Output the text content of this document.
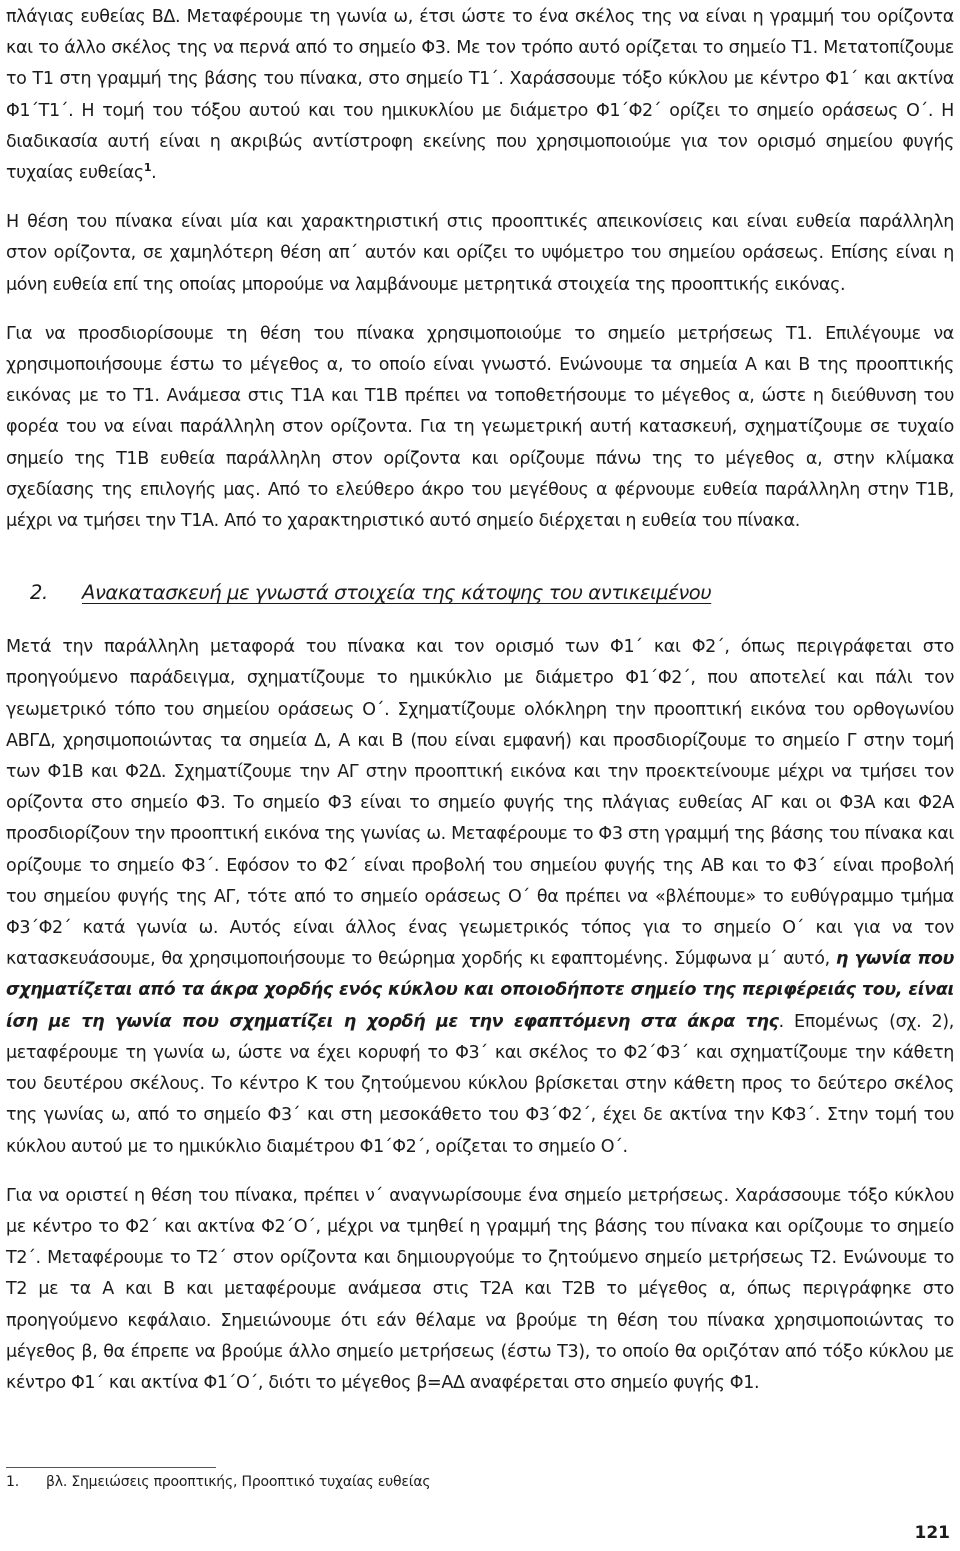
πλάγιας ευθείας ΒΔ. Μεταφέρουμε τη γωνία ω, έτσι ώστε το ένα σκέλος της να είναι η γραμμή του ορίζοντα και το άλλο σκέλος της να περνά από το σημείο Φ3. Με τον τρόπο αυτό ορίζεται το σημείο Τ1. Μετατοπίζουμε το Τ1 στη γραμμή της βάσης του πίνακα, στο σημείο Τ1΄. Χαράσσουμε τόξο κύκλου με κέντρο Φ1΄ και ακτίνα Φ1΄Τ1΄. Η τομή του τόξου αυτού και του ημικυκλίου με διάμετρο Φ1΄Φ2΄ ορίζει το σημείο οράσεως Ο΄. Η διαδικασία αυτή είναι η ακριβώς αντίστροφη εκείνης που χρησιμοποιούμε για τον ορισμό σημείου φυγής τυχαίας ευθείας$^1$.

Η θέση του πίνακα είναι μία και χαρακτηριστική στις προοπτικές απεικονίσεις και είναι ευθεία παράλληλη στον ορίζοντα, σε χαμηλότερη θέση απ΄ αυτόν και ορίζει το υψόμετρο του σημείου οράσεως. Επίσης είναι η μόνη ευθεία επί της οποίας μπορούμε να λαμβάνουμε μετρητικά στοιχεία της προοπτικής εικόνας.

Για να προσδιορίσουμε τη θέση του πίνακα χρησιμοποιούμε το σημείο μετρήσεως Τ1. Επιλέγουμε να χρησιμοποιήσουμε έστω το μέγεθος α, το οποίο είναι γνωστό. Ενώνουμε τα σημεία Α και Β της προοπτικής εικόνας με το Τ1. Ανάμεσα στις Τ1Α και Τ1Β πρέπει να τοποθετήσουμε το μέγεθος α, ώστε η διεύθυνση του φορέα του να είναι παράλληλη στον ορίζοντα. Για τη γεωμετρική αυτή κατασκευή, σχηματίζουμε σε τυχαίο σημείο της Τ1Β ευθεία παράλληλη στον ορίζοντα και ορίζουμε πάνω της το μέγεθος α, στην κλίμακα σχεδίασης της επιλογής μας. Από το ελεύθερο άκρο του μεγέθους α φέρνουμε ευθεία παράλληλη στην Τ1Β, μέχρι να τμήσει την Τ1Α. Από το χαρακτηριστικό αυτό σημείο διέρχεται η ευθεία του πίνακα.

2. Ανακατασκευή με γνωστά στοιχεία της κάτοψης του αντικειμένου

Μετά την παράλληλη μεταφορά του πίνακα και τον ορισμό των Φ1΄ και Φ2΄, όπως περιγράφεται στο προηγούμενο παράδειγμα, σχηματίζουμε το ημικύκλιο με διάμετρο Φ1΄Φ2΄, που αποτελεί και πάλι τον γεωμετρικό τόπο του σημείου οράσεως Ο΄. Σχηματίζουμε ολόκληρη την προοπτική εικόνα του ορθογωνίου ΑΒΓΔ, χρησιμοποιώντας τα σημεία Δ, Α και Β (που είναι εμφανή) και προσδιορίζουμε το σημείο Γ στην τομή των Φ1Β και Φ2Δ. Σχηματίζουμε την ΑΓ στην προοπτική εικόνα και την προεκτείνουμε μέχρι να τμήσει τον ορίζοντα στο σημείο Φ3. Το σημείο Φ3 είναι το σημείο φυγής της πλάγιας ευθείας ΑΓ και οι Φ3Α και Φ2Α προσδιορίζουν την προοπτική εικόνα της γωνίας ω. Μεταφέρουμε το Φ3 στη γραμμή της βάσης του πίνακα και ορίζουμε το σημείο Φ3΄. Εφόσον το Φ2΄ είναι προβολή του σημείου φυγής της ΑΒ και το Φ3΄ είναι προβολή του σημείου φυγής της ΑΓ, τότε από το σημείο οράσεως Ο΄ θα πρέπει να «βλέπουμε» το ευθύγραμμο τμήμα Φ3΄Φ2΄ κατά γωνία ω. Αυτός είναι άλλος ένας γεωμετρικός τόπος για το σημείο Ο΄ και για να τον κατασκευάσουμε, θα χρησιμοποιήσουμε το θεώρημα χορδής κι εφαπτομένης. Σύμφωνα μ΄ αυτό, η γωνία που σχηματίζεται από τα άκρα χορδής ενός κύκλου και οποιοδήποτε σημείο της περιφέρειάς του, είναι ίση με τη γωνία που σχηματίζει η χορδή με την εφαπτόμενη στα άκρα της. Επομένως (σχ. 2), μεταφέρουμε τη γωνία ω, ώστε να έχει κορυφή το Φ3΄ και σκέλος το Φ2΄Φ3΄ και σχηματίζουμε την κάθετη του δευτέρου σκέλους. Το κέντρο Κ του ζητούμενου κύκλου βρίσκεται στην κάθετη προς το δεύτερο σκέλος της γωνίας ω, από το σημείο Φ3΄ και στη μεσοκάθετο του Φ3΄Φ2΄, έχει δε ακτίνα την ΚΦ3΄. Στην τομή του κύκλου αυτού με το ημικύκλιο διαμέτρου Φ1΄Φ2΄, ορίζεται το σημείο Ο΄.

Για να οριστεί η θέση του πίνακα, πρέπει ν΄ αναγνωρίσουμε ένα σημείο μετρήσεως. Χαράσσουμε τόξο κύκλου με κέντρο το Φ2΄ και ακτίνα Φ2΄Ο΄, μέχρι να τμηθεί η γραμμή της βάσης του πίνακα και ορίζουμε το σημείο Τ2΄. Μεταφέρουμε το Τ2΄ στον ορίζοντα και δημιουργούμε το ζητούμενο σημείο μετρήσεως Τ2. Ενώνουμε το Τ2 με τα Α και Β και μεταφέρουμε ανάμεσα στις Τ2Α και Τ2Β το μέγεθος α, όπως περιγράφηκε στο προηγούμενο κεφάλαιο. Σημειώνουμε ότι εάν θέλαμε να βρούμε τη θέση του πίνακα χρησιμοποιώντας το μέγεθος β, θα έπρεπε να βρούμε άλλο σημείο μετρήσεως (έστω Τ3), το οποίο θα οριζόταν από τόξο κύκλου με κέντρο Φ1΄ και ακτίνα Φ1΄Ο΄, διότι το μέγεθος β=ΑΔ αναφέρεται στο σημείο φυγής Φ1.

1. βλ. Σημειώσεις προοπτικής, Προοπτικό τυχαίας ευθείας
121
